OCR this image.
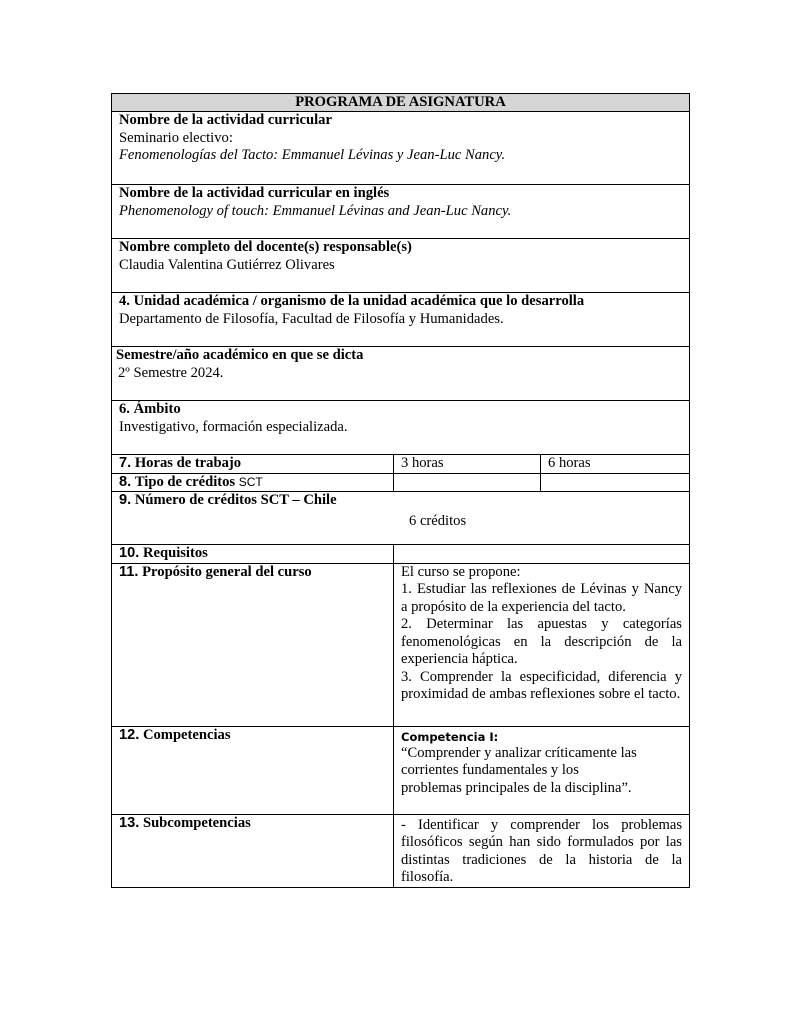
PROGRAMA DE ASIGNATURA		

Nombre de la actividad curricular
Seminario electivo:
Fenomenologías del Tacto: Emmanuel Lévinas y Jean-Luc Nancy.		

Nombre de la actividad curricular en inglés
Phenomenology of touch: Emmanuel Lévinas and Jean-Luc Nancy.		

Nombre completo del docente(s) responsable(s)
Claudia Valentina Gutiérrez Olivares		

4. Unidad académica / organismo de la unidad académica que lo desarrolla
Departamento de Filosofía, Facultad de Filosofía y Humanidades.		

Semestre/año académico en que se dicta
2º Semestre 2024.		

6. Ámbito
Investigativo, formación especializada.		

7. Horas de trabajo	3 horas	6 horas
8. Tipo de créditos SCT		

9. Número de créditos SCT – Chile
6 créditos		

10. Requisitos		
11. Propósito general del curso	El curso se propone:
1. Estudiar las reflexiones de Lévinas y Nancy a propósito de la experiencia del tacto.
2. Determinar las apuestas y categorías fenomenológicas en la descripción de la experiencia háptica.
3. Comprender la especificidad, diferencia y proximidad de ambas reflexiones sobre el tacto.	

12. Competencias	Competencia I:
“Comprender y analizar críticamente las corrientes fundamentales y los problemas principales de la disciplina”.	

13. Subcompetencias	- Identificar y comprender los problemas filosóficos según han sido formulados por las distintas tradiciones de la historia de la filosofía.	
